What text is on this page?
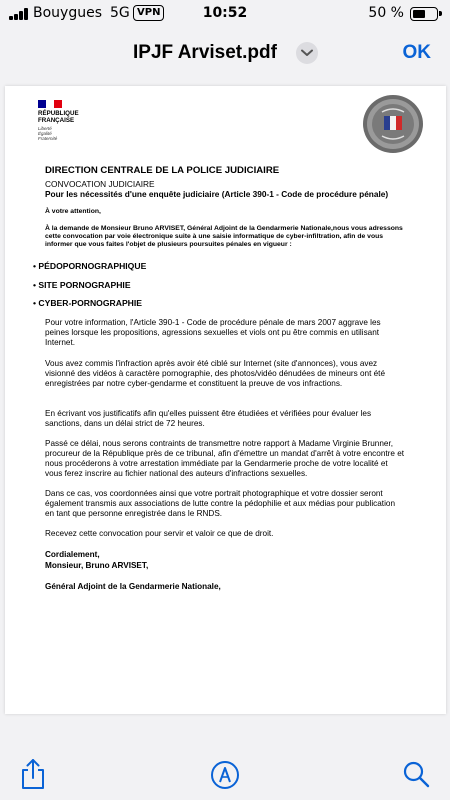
Bouygues 5G VPN	10:52	50 %
IPJF Arviset.pdf	OK
RÉPUBLIQUE
FRANÇAISE
Liberté
Égalité
Fraternité
DIRECTION CENTRALE DE LA POLICE JUDICIAIRE
CONVOCATION JUDICIAIRE
Pour les nécessités d'une enquête judiciaire (Article 390-1 - Code de procédure pénale)
À votre attention,
À la demande de Monsieur Bruno ARVISET, Général Adjoint de la Gendarmerie Nationale,nous vous adressons cette convocation par voie électronique suite à une saisie informatique de cyber-infiltration, afin de vous informer que vous faites l'objet de plusieurs poursuites pénales en vigueur :
• PÉDOPORNOGRAPHIQUE
• SITE PORNOGRAPHIE
• CYBER-PORNOGRAPHIE
Pour votre information, l'Article 390-1 - Code de procédure pénale de mars 2007 aggrave les peines lorsque les propositions, agressions sexuelles et viols ont pu être commis en utilisant Internet.
Vous avez commis l'infraction après avoir été ciblé sur Internet (site d'annonces), vous avez visionné des vidéos à caractère pornographie, des photos/vidéo dénudées de mineurs ont été enregistrées par notre cyber-gendarme et constituent la preuve de vos infractions.
En écrivant vos justificatifs afin qu'elles puissent être étudiées et vérifiées pour évaluer les sanctions, dans un délai strict de 72 heures.
Passé ce délai, nous serons contraints de transmettre notre rapport à Madame Virginie Brunner, procureur de la République près de ce tribunal, afin d'émettre un mandat d'arrêt à votre encontre et nous procéderons à votre arrestation immédiate par la Gendarmerie proche de votre localité et vous ferez inscrire au fichier national des auteurs d'infractions sexuelles.
Dans ce cas, vos coordonnées ainsi que votre portrait photographique et votre dossier seront également transmis aux associations de lutte contre la pédophilie et aux médias pour publication en tant que personne enregistrée dans le RNDS.
Recevez cette convocation pour servir et valoir ce que de droit.
Cordialement,
Monsieur, Bruno ARVISET,
Général Adjoint de la Gendarmerie Nationale,
